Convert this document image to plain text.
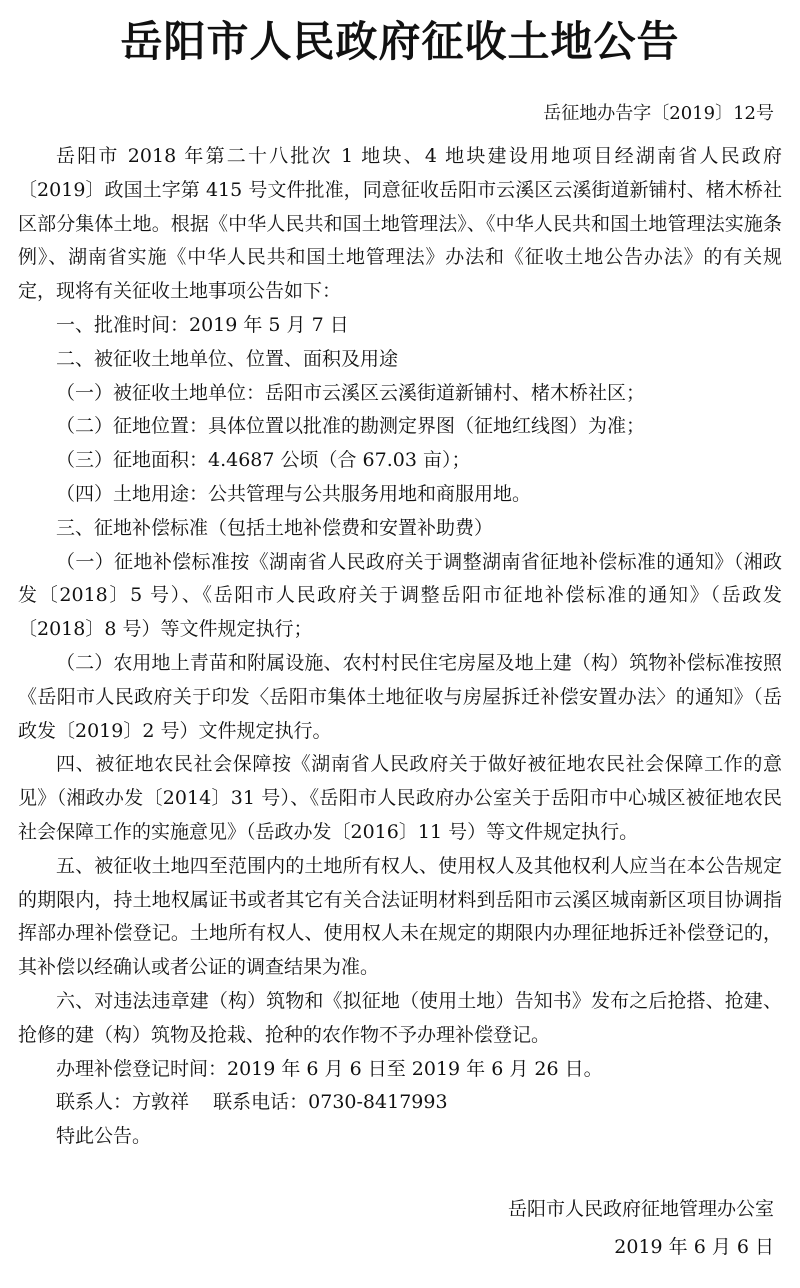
岳阳市人民政府征收土地公告
岳征地办告字〔2019〕12号

岳阳市 2018 年第二十八批次 1 地块、4 地块建设用地项目经湖南省人民政府〔2019〕政国土字第 415 号文件批准，同意征收岳阳市云溪区云溪街道新铺村、楮木桥社区部分集体土地。根据《中华人民共和国土地管理法》、《中华人民共和国土地管理法实施条例》、湖南省实施《中华人民共和国土地管理法》办法和《征收土地公告办法》的有关规定，现将有关征收土地事项公告如下：

一、批准时间：2019 年 5 月 7 日

二、被征收土地单位、位置、面积及用途

（一）被征收土地单位：岳阳市云溪区云溪街道新铺村、楮木桥社区；

（二）征地位置：具体位置以批准的勘测定界图（征地红线图）为准；

（三）征地面积：4.4687 公顷（合 67.03 亩）；

（四）土地用途：公共管理与公共服务用地和商服用地。

三、征地补偿标准（包括土地补偿费和安置补助费）

（一）征地补偿标准按《湖南省人民政府关于调整湖南省征地补偿标准的通知》（湘政发〔2018〕5 号）、《岳阳市人民政府关于调整岳阳市征地补偿标准的通知》（岳政发〔2018〕8 号）等文件规定执行；

（二）农用地上青苗和附属设施、农村村民住宅房屋及地上建（构）筑物补偿标准按照《岳阳市人民政府关于印发〈岳阳市集体土地征收与房屋拆迁补偿安置办法〉的通知》（岳政发〔2019〕2 号）文件规定执行。

四、被征地农民社会保障按《湖南省人民政府关于做好被征地农民社会保障工作的意见》（湘政办发〔2014〕31 号）、《岳阳市人民政府办公室关于岳阳市中心城区被征地农民社会保障工作的实施意见》（岳政办发〔2016〕11 号）等文件规定执行。

五、被征收土地四至范围内的土地所有权人、使用权人及其他权利人应当在本公告规定的期限内，持土地权属证书或者其它有关合法证明材料到岳阳市云溪区城南新区项目协调指挥部办理补偿登记。土地所有权人、使用权人未在规定的期限内办理征地拆迁补偿登记的，其补偿以经确认或者公证的调查结果为准。

六、对违法违章建（构）筑物和《拟征地（使用土地）告知书》发布之后抢搭、抢建、抢修的建（构）筑物及抢栽、抢种的农作物不予办理补偿登记。

办理补偿登记时间：2019 年 6 月 6 日至 2019 年 6 月 26 日。

联系人：方敦祥    联系电话：0730-8417993

特此公告。

岳阳市人民政府征地管理办公室
2019 年 6 月 6 日
